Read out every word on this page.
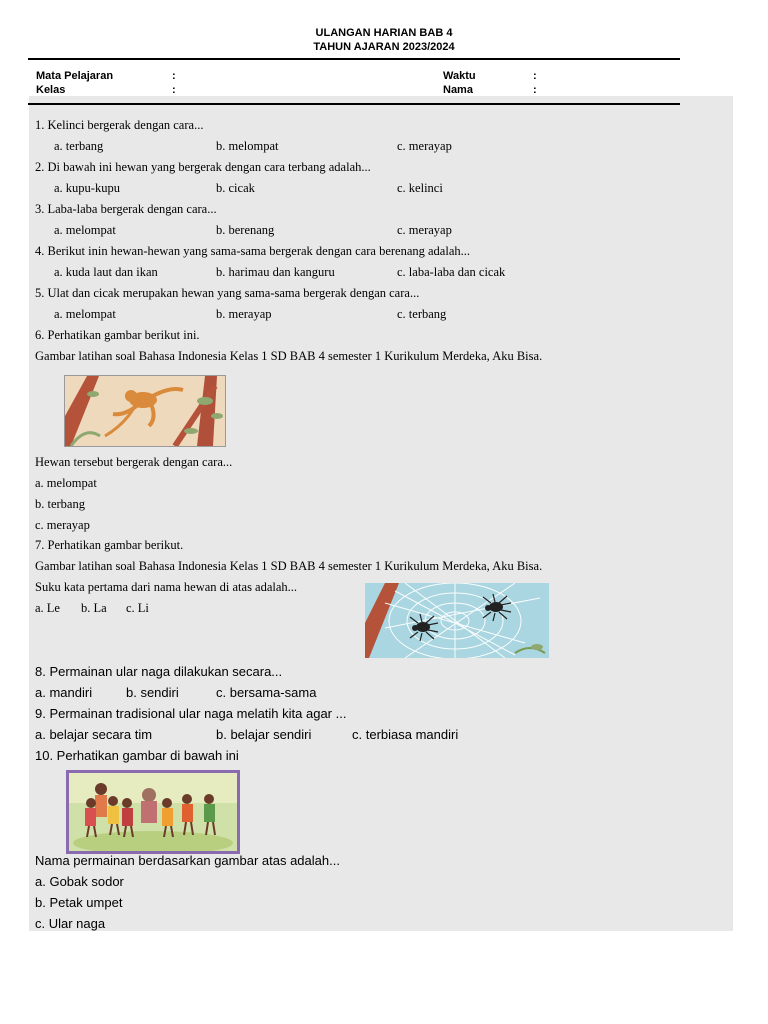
ULANGAN HARIAN BAB 4
TAHUN AJARAN 2023/2024
Mata Pelajaran	:
Kelas	:
Waktu	:
Nama	:
1. Kelinci bergerak dengan cara...
a. terbang	b. melompat	c. merayap
2. Di bawah ini hewan yang bergerak dengan cara terbang adalah...
a. kupu-kupu	b. cicak	c. kelinci
3. Laba-laba bergerak dengan cara...
a. melompat	b. berenang	c. merayap
4. Berikut inin hewan-hewan yang sama-sama bergerak dengan cara berenang adalah...
a. kuda laut dan ikan	b. harimau dan kanguru	c. laba-laba dan cicak
5. Ulat dan cicak merupakan hewan yang sama-sama bergerak dengan cara...
a. melompat	b. merayap	c. terbang
6. Perhatikan gambar berikut ini.
Gambar latihan soal Bahasa Indonesia Kelas 1 SD BAB 4 semester 1 Kurikulum Merdeka, Aku Bisa.
Hewan tersebut bergerak dengan cara...
a. melompat
b. terbang
c. merayap
7. Perhatikan gambar berikut.
Gambar latihan soal Bahasa Indonesia Kelas 1 SD BAB 4 semester 1 Kurikulum Merdeka, Aku Bisa.
Suku kata pertama dari nama hewan di atas adalah...
a. Le b. La c. Li
8. Permainan ular naga dilakukan secara...
a. mandiri	b. sendiri	c. bersama-sama
9. Permainan tradisional ular naga melatih kita agar ...
a. belajar secara tim	b. belajar sendiri	c. terbiasa mandiri
10. Perhatikan gambar di bawah ini
Nama permainan berdasarkan gambar atas adalah...
a. Gobak sodor
b. Petak umpet
c. Ular naga
